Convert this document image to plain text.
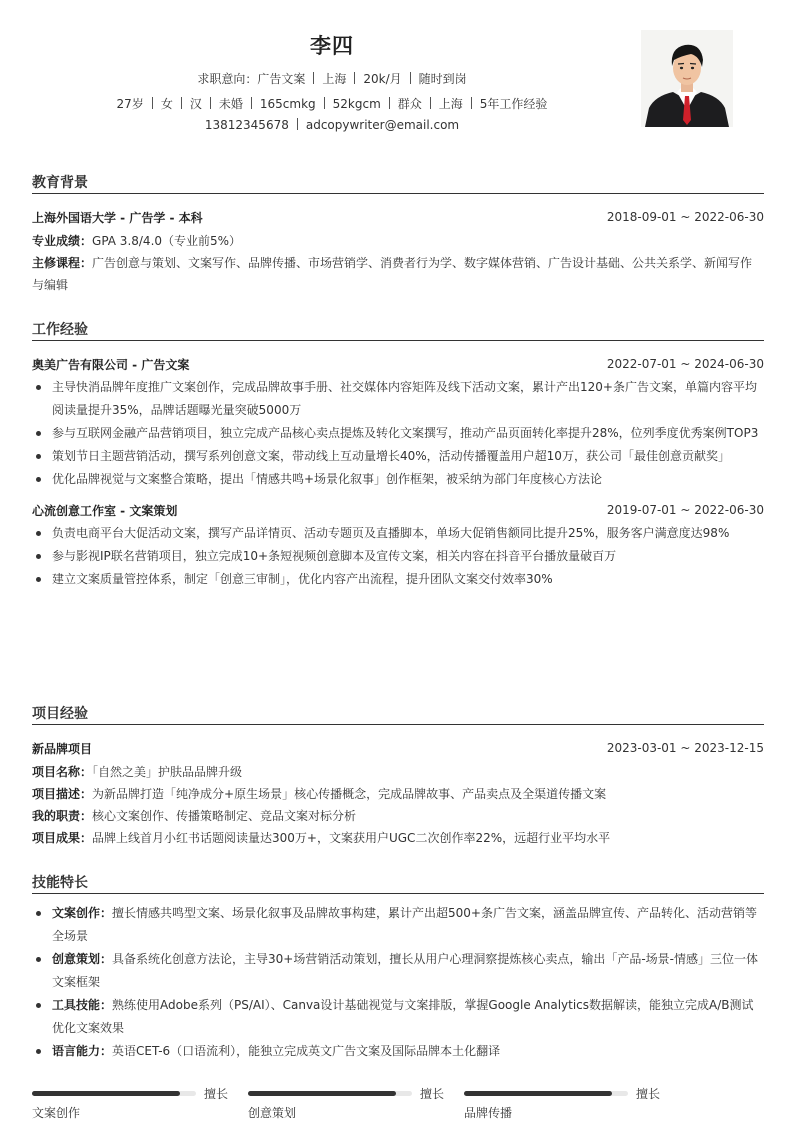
李四
求职意向：广告文案 上海 20k/月 随时到岗
27岁 女 汉 未婚 165cmkg 52kgcm 群众 上海 5年工作经验
13812345678 adcopywriter@email.com
教育背景
上海外国语大学 - 广告学 - 本科	2018-09-01 ~ 2022-06-30
专业成绩：GPA 3.8/4.0（专业前5%）
主修课程：广告创意与策划、文案写作、品牌传播、市场营销学、消费者行为学、数字媒体营销、广告设计基础、公共关系学、新闻写作与编辑
工作经验
奥美广告有限公司 - 广告文案	2022-07-01 ~ 2024-06-30
主导快消品牌年度推广文案创作，完成品牌故事手册、社交媒体内容矩阵及线下活动文案，累计产出120+条广告文案，单篇内容平均阅读量提升35%，品牌话题曝光量突破5000万
参与互联网金融产品营销项目，独立完成产品核心卖点提炼及转化文案撰写，推动产品页面转化率提升28%，位列季度优秀案例TOP3
策划节日主题营销活动，撰写系列创意文案，带动线上互动量增长40%，活动传播覆盖用户超10万，获公司「最佳创意贡献奖」
优化品牌视觉与文案整合策略，提出「情感共鸣+场景化叙事」创作框架，被采纳为部门年度核心方法论
心流创意工作室 - 文案策划	2019-07-01 ~ 2022-06-30
负责电商平台大促活动文案，撰写产品详情页、活动专题页及直播脚本，单场大促销售额同比提升25%，服务客户满意度达98%
参与影视IP联名营销项目，独立完成10+条短视频创意脚本及宣传文案，相关内容在抖音平台播放量破百万
建立文案质量管控体系，制定「创意三审制」，优化内容产出流程，提升团队文案交付效率30%
项目经验
新品牌项目	2023-03-01 ~ 2023-12-15
项目名称：「自然之美」护肤品品牌升级
项目描述：为新品牌打造「纯净成分+原生场景」核心传播概念，完成品牌故事、产品卖点及全渠道传播文案
我的职责：核心文案创作、传播策略制定、竞品文案对标分析
项目成果：品牌上线首月小红书话题阅读量达300万+，文案获用户UGC二次创作率22%，远超行业平均水平
技能特长
文案创作：擅长情感共鸣型文案、场景化叙事及品牌故事构建，累计产出超500+条广告文案，涵盖品牌宣传、产品转化、活动营销等全场景
创意策划：具备系统化创意方法论，主导30+场营销活动策划，擅长从用户心理洞察提炼核心卖点，输出「产品-场景-情感」三位一体文案框架
工具技能：熟练使用Adobe系列（PS/AI）、Canva设计基础视觉与文案排版，掌握Google Analytics数据解读，能独立完成A/B测试优化文案效果
语言能力：英语CET-6（口语流利），能独立完成英文广告文案及国际品牌本土化翻译
擅长
文案创作
擅长
创意策划
擅长
品牌传播
